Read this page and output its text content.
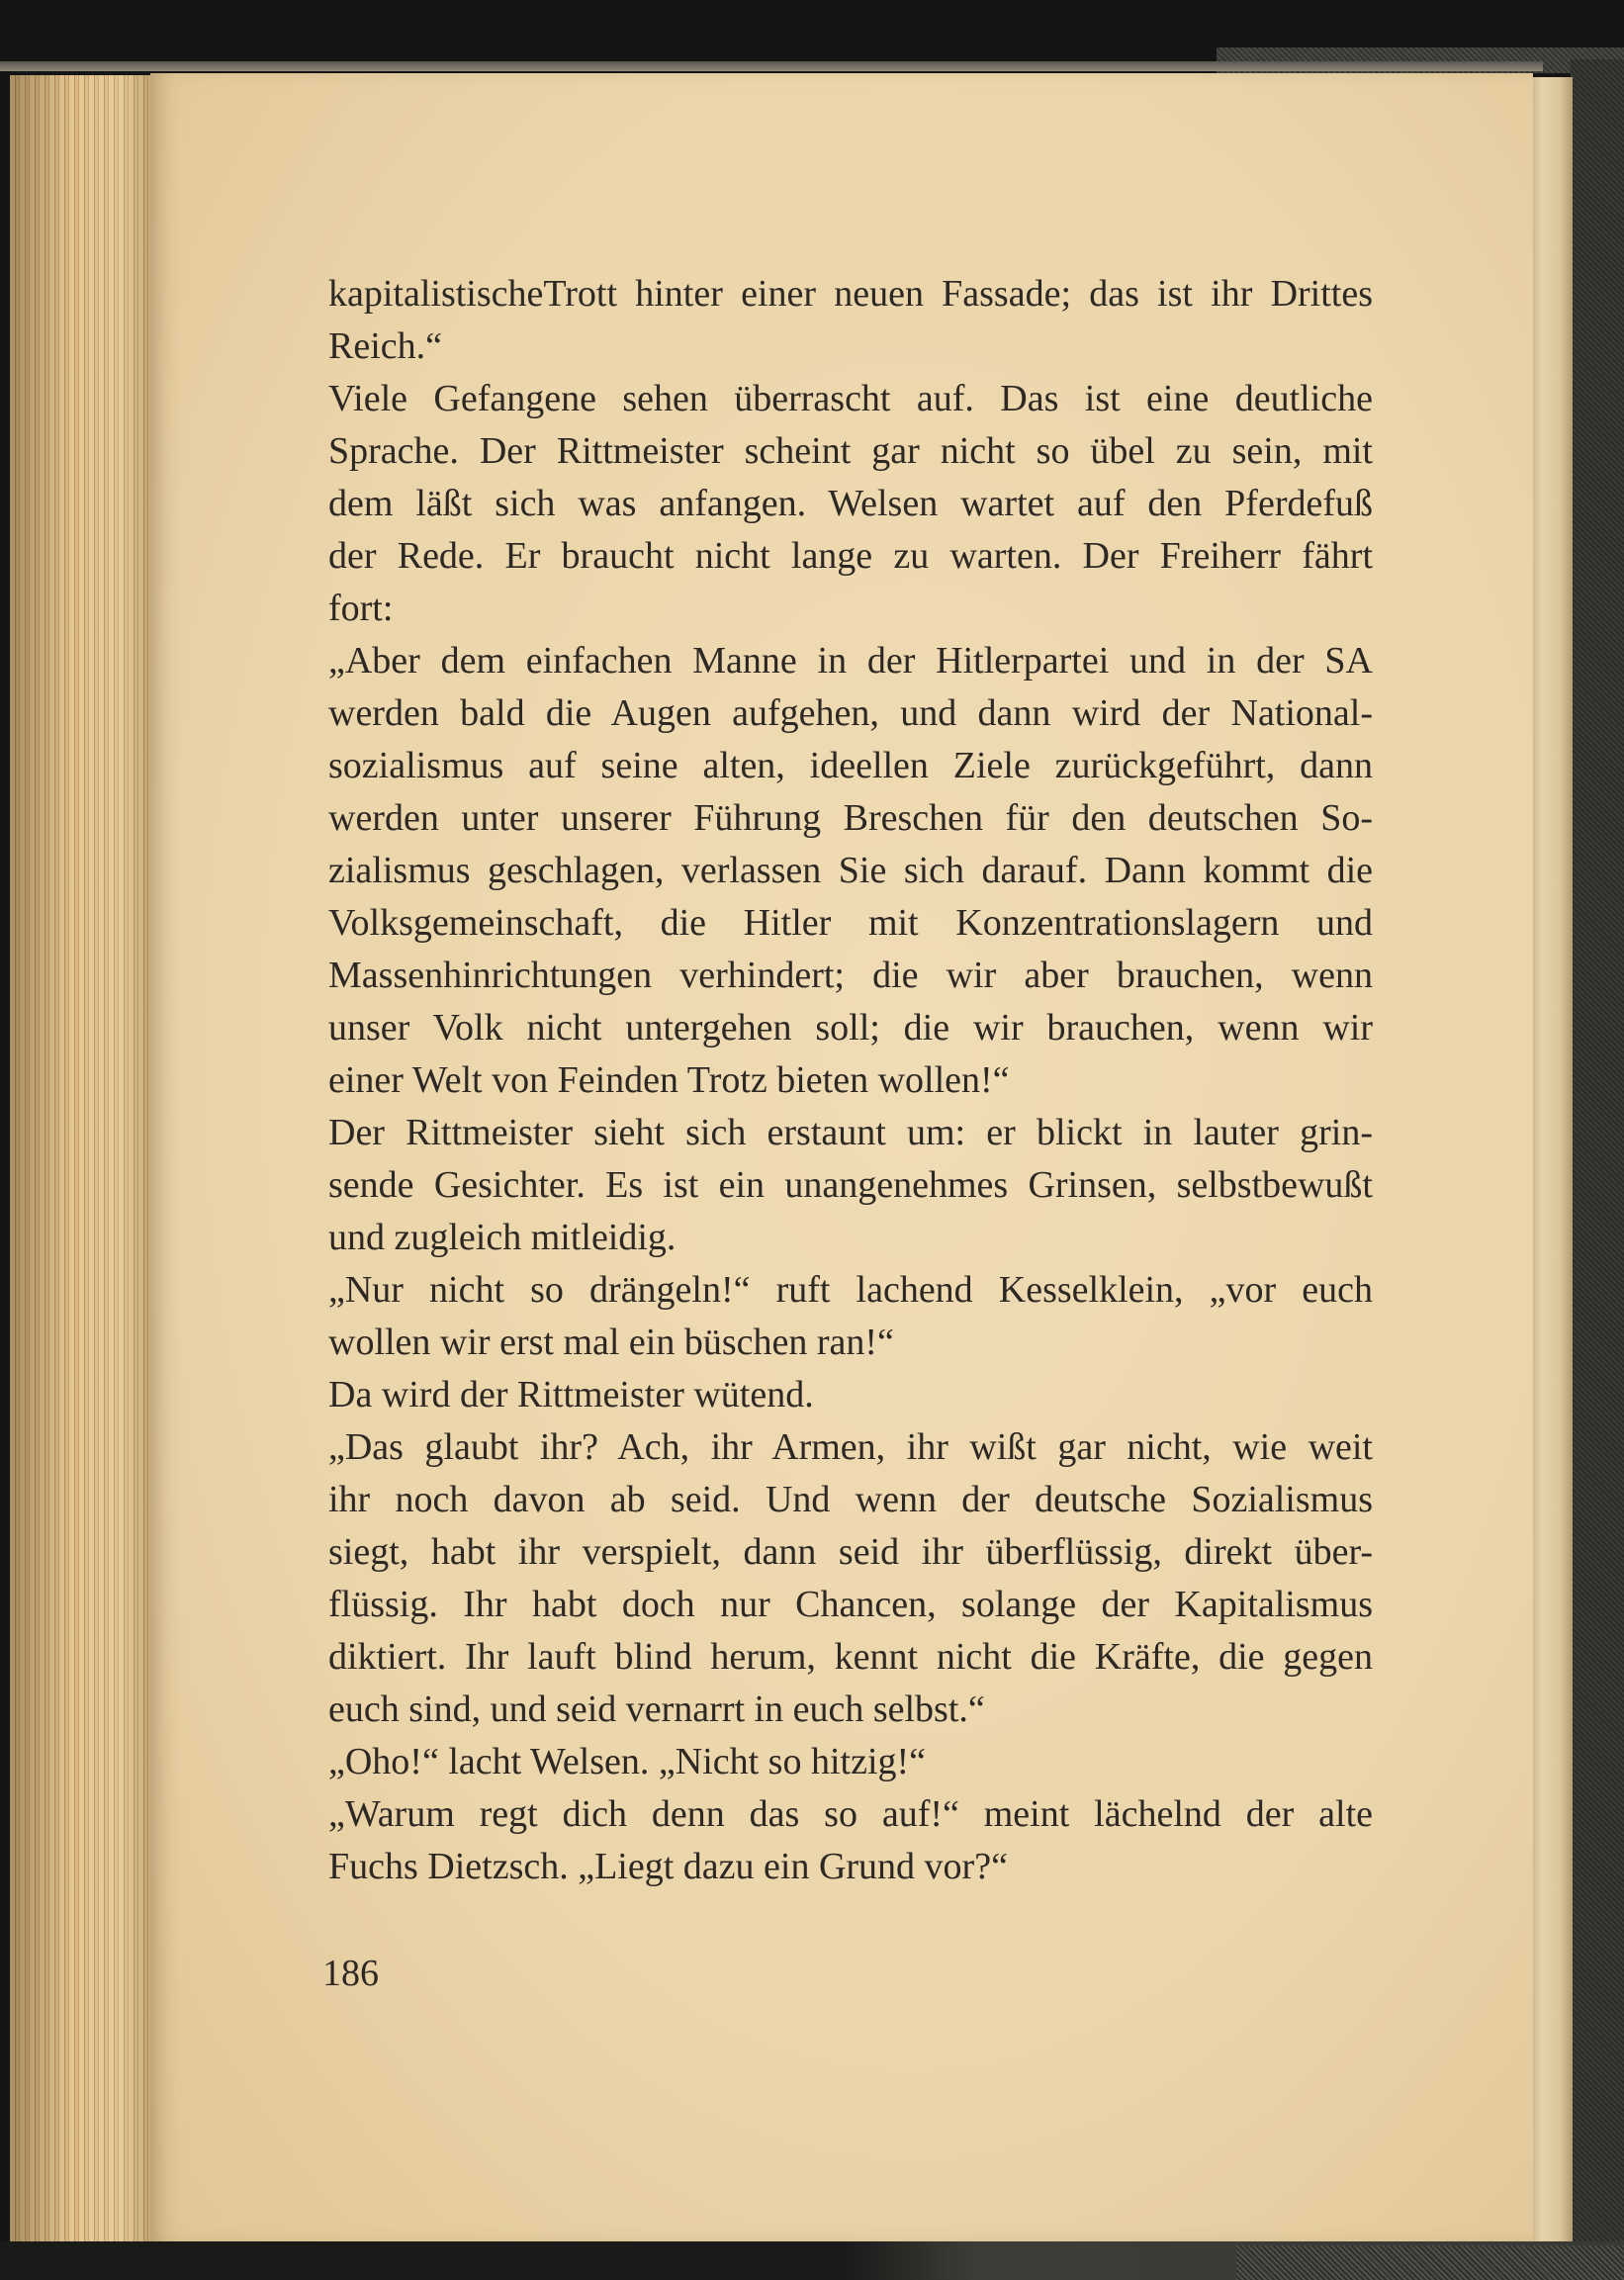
kapitalistischeTrott hinter einer neuen Fassade; das ist ihr Drittes
Reich.“
Viele Gefangene sehen überrascht auf. Das ist eine deutliche
Sprache. Der Rittmeister scheint gar nicht so übel zu sein, mit
dem läßt sich was anfangen. Welsen wartet auf den Pferdefuß
der Rede. Er braucht nicht lange zu warten. Der Freiherr fährt
fort:
„Aber dem einfachen Manne in der Hitlerpartei und in der SA
werden bald die Augen aufgehen, und dann wird der National-
sozialismus auf seine alten, ideellen Ziele zurückgeführt, dann
werden unter unserer Führung Breschen für den deutschen So-
zialismus geschlagen, verlassen Sie sich darauf. Dann kommt die
Volksgemeinschaft, die Hitler mit Konzentrationslagern und
Massenhinrichtungen verhindert; die wir aber brauchen, wenn
unser Volk nicht untergehen soll; die wir brauchen, wenn wir
einer Welt von Feinden Trotz bieten wollen!“
Der Rittmeister sieht sich erstaunt um: er blickt in lauter grin-
sende Gesichter. Es ist ein unangenehmes Grinsen, selbstbewußt
und zugleich mitleidig.
„Nur nicht so drängeln!“ ruft lachend Kesselklein, „vor euch
wollen wir erst mal ein büschen ran!“
Da wird der Rittmeister wütend.
„Das glaubt ihr? Ach, ihr Armen, ihr wißt gar nicht, wie weit
ihr noch davon ab seid. Und wenn der deutsche Sozialismus
siegt, habt ihr verspielt, dann seid ihr überflüssig, direkt über-
flüssig. Ihr habt doch nur Chancen, solange der Kapitalismus
diktiert. Ihr lauft blind herum, kennt nicht die Kräfte, die gegen
euch sind, und seid vernarrt in euch selbst.“
„Oho!“ lacht Welsen. „Nicht so hitzig!“
„Warum regt dich denn das so auf!“ meint lächelnd der alte
Fuchs Dietzsch. „Liegt dazu ein Grund vor?“
186
